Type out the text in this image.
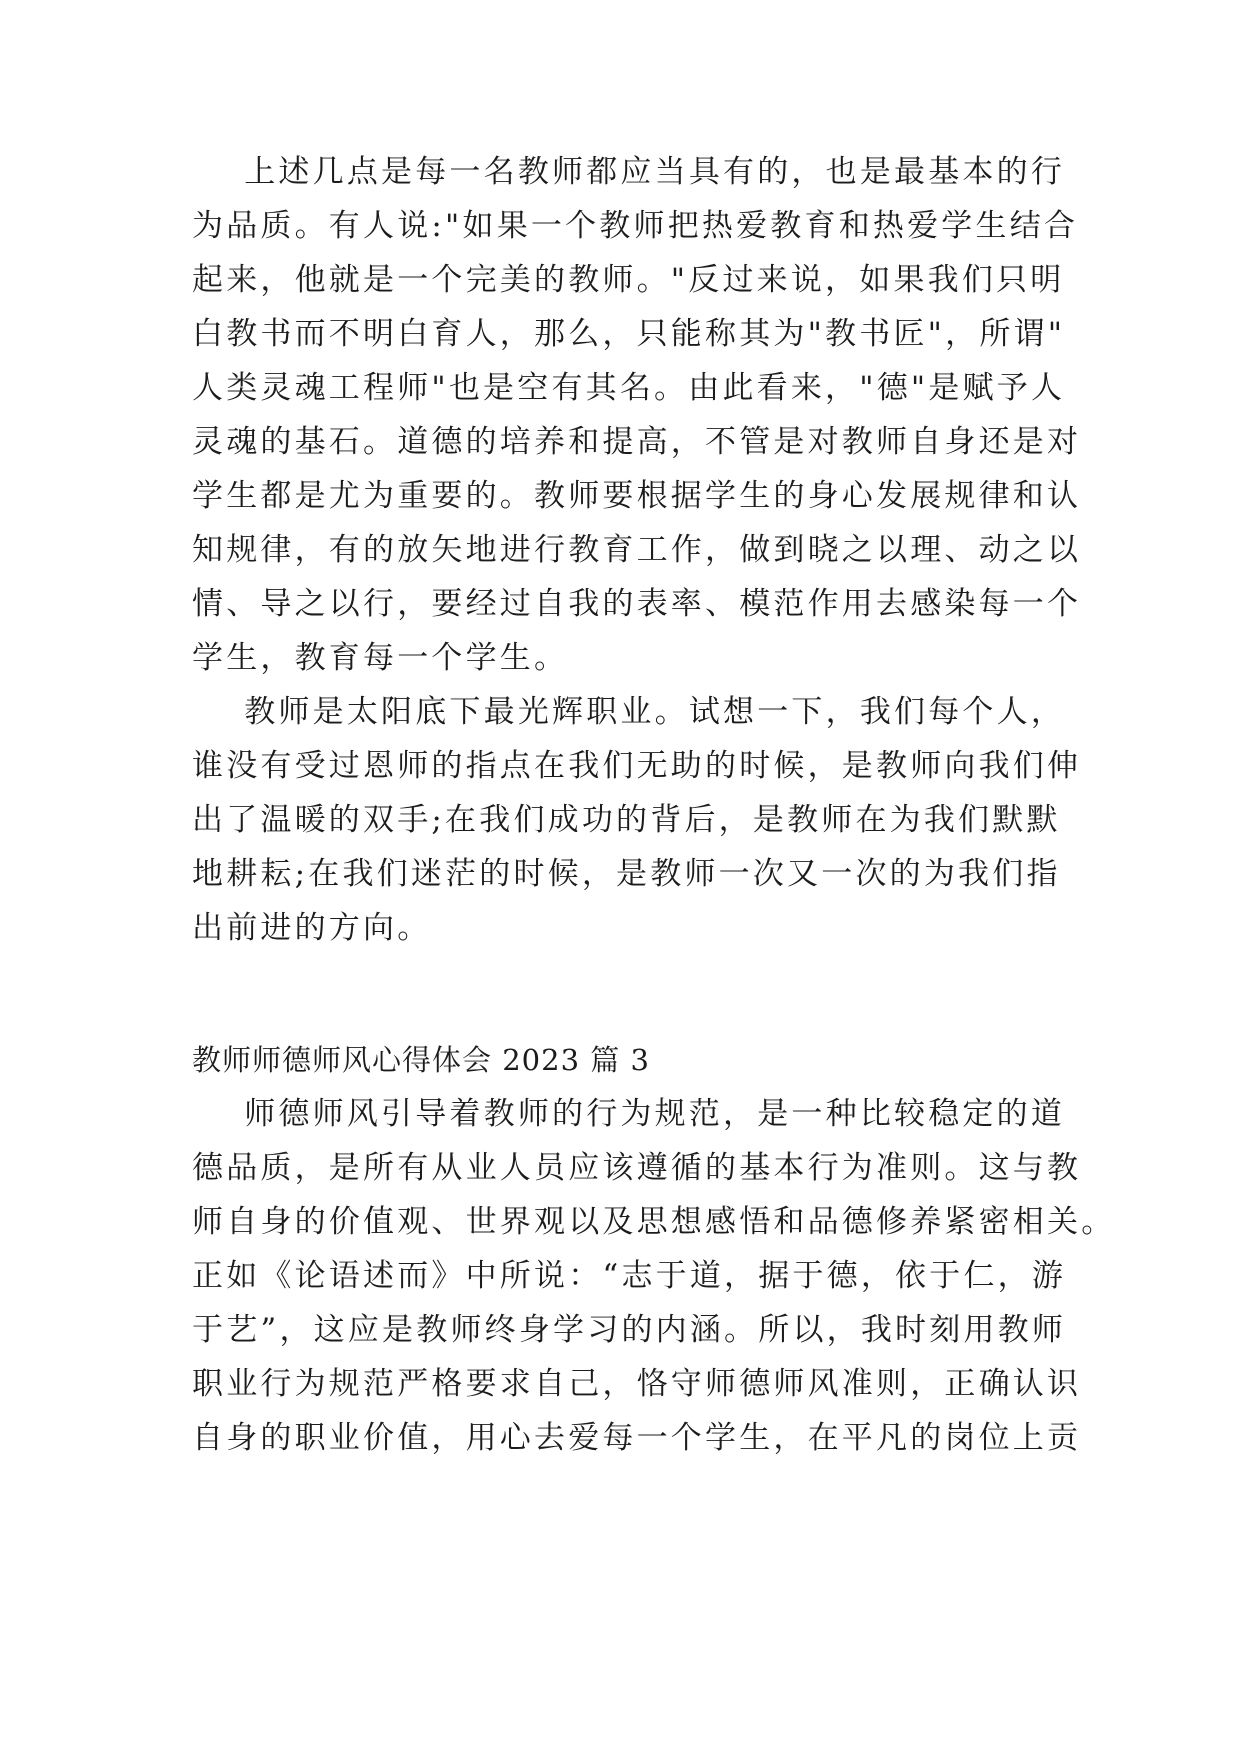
上述几点是每一名教师都应当具有的，也是最基本的行
为品质。有人说:"如果一个教师把热爱教育和热爱学生结合
起来，他就是一个完美的教师。"反过来说，如果我们只明
白教书而不明白育人，那么，只能称其为"教书匠"，所谓"
人类灵魂工程师"也是空有其名。由此看来，"德"是赋予人
灵魂的基石。道德的培养和提高，不管是对教师自身还是对
学生都是尤为重要的。教师要根据学生的身心发展规律和认
知规律，有的放矢地进行教育工作，做到晓之以理、动之以
情、导之以行，要经过自我的表率、模范作用去感染每一个
学生，教育每一个学生。
教师是太阳底下最光辉职业。试想一下，我们每个人，
谁没有受过恩师的指点在我们无助的时候，是教师向我们伸
出了温暖的双手;在我们成功的背后，是教师在为我们默默
地耕耘;在我们迷茫的时候，是教师一次又一次的为我们指
出前进的方向。
教师师德师风心得体会 2023 篇 3
师德师风引导着教师的行为规范，是一种比较稳定的道
德品质，是所有从业人员应该遵循的基本行为准则。这与教
师自身的价值观、世界观以及思想感悟和品德修养紧密相关。
正如《论语述而》中所说：“志于道，据于德，依于仁，游
于艺”，这应是教师终身学习的内涵。所以，我时刻用教师
职业行为规范严格要求自己，恪守师德师风准则，正确认识
自身的职业价值，用心去爱每一个学生，在平凡的岗位上贡
